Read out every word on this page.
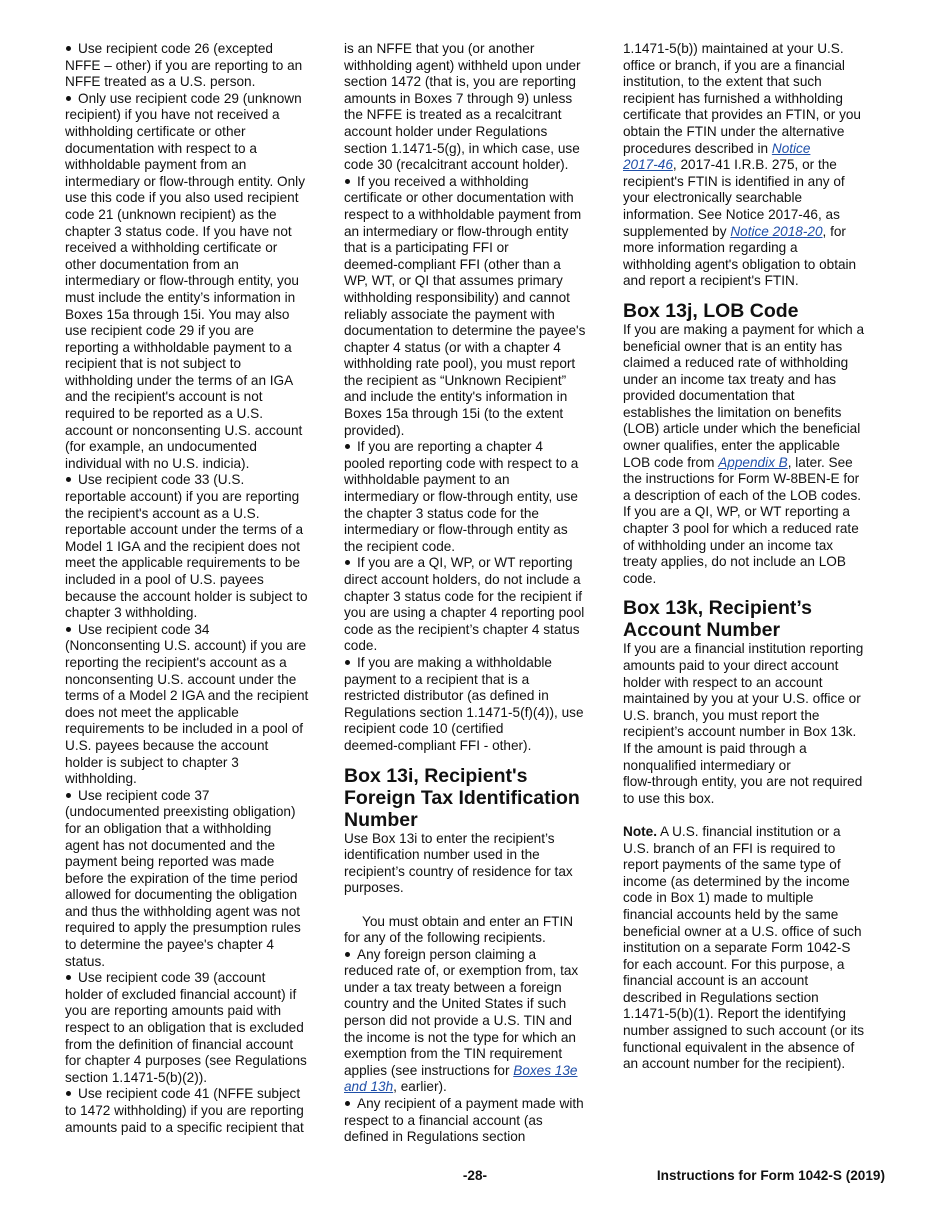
Use recipient code 26 (excepted
NFFE – other) if you are reporting to an
NFFE treated as a U.S. person.
Only use recipient code 29 (unknown
recipient) if you have not received a
withholding certificate or other
documentation with respect to a
withholdable payment from an
intermediary or flow-through entity. Only
use this code if you also used recipient
code 21 (unknown recipient) as the
chapter 3 status code. If you have not
received a withholding certificate or
other documentation from an
intermediary or flow-through entity, you
must include the entity’s information in
Boxes 15a through 15i. You may also
use recipient code 29 if you are
reporting a withholdable payment to a
recipient that is not subject to
withholding under the terms of an IGA
and the recipient's account is not
required to be reported as a U.S.
account or nonconsenting U.S. account
(for example, an undocumented
individual with no U.S. indicia).
Use recipient code 33 (U.S.
reportable account) if you are reporting
the recipient's account as a U.S.
reportable account under the terms of a
Model 1 IGA and the recipient does not
meet the applicable requirements to be
included in a pool of U.S. payees
because the account holder is subject to
chapter 3 withholding.
Use recipient code 34
(Nonconsenting U.S. account) if you are
reporting the recipient's account as a
nonconsenting U.S. account under the
terms of a Model 2 IGA and the recipient
does not meet the applicable
requirements to be included in a pool of
U.S. payees because the account
holder is subject to chapter 3
withholding.
Use recipient code 37
(undocumented preexisting obligation)
for an obligation that a withholding
agent has not documented and the
payment being reported was made
before the expiration of the time period
allowed for documenting the obligation
and thus the withholding agent was not
required to apply the presumption rules
to determine the payee's chapter 4
status.
Use recipient code 39 (account
holder of excluded financial account) if
you are reporting amounts paid with
respect to an obligation that is excluded
from the definition of financial account
for chapter 4 purposes (see Regulations
section 1.1471-5(b)(2)).
Use recipient code 41 (NFFE subject
to 1472 withholding) if you are reporting
amounts paid to a specific recipient that
is an NFFE that you (or another
withholding agent) withheld upon under
section 1472 (that is, you are reporting
amounts in Boxes 7 through 9) unless
the NFFE is treated as a recalcitrant
account holder under Regulations
section 1.1471-5(g), in which case, use
code 30 (recalcitrant account holder).
If you received a withholding
certificate or other documentation with
respect to a withholdable payment from
an intermediary or flow-through entity
that is a participating FFI or
deemed-compliant FFI (other than a
WP, WT, or QI that assumes primary
withholding responsibility) and cannot
reliably associate the payment with
documentation to determine the payee's
chapter 4 status (or with a chapter 4
withholding rate pool), you must report
the recipient as “Unknown Recipient”
and include the entity's information in
Boxes 15a through 15i (to the extent
provided).
If you are reporting a chapter 4
pooled reporting code with respect to a
withholdable payment to an
intermediary or flow-through entity, use
the chapter 3 status code for the
intermediary or flow-through entity as
the recipient code.
If you are a QI, WP, or WT reporting
direct account holders, do not include a
chapter 3 status code for the recipient if
you are using a chapter 4 reporting pool
code as the recipient’s chapter 4 status
code.
If you are making a withholdable
payment to a recipient that is a
restricted distributor (as defined in
Regulations section 1.1471-5(f)(4)), use
recipient code 10 (certified
deemed-compliant FFI - other).
Box 13i, Recipient's
Foreign Tax Identification
Number
Use Box 13i to enter the recipient’s
identification number used in the
recipient’s country of residence for tax
purposes.
You must obtain and enter an FTIN
for any of the following recipients.
Any foreign person claiming a
reduced rate of, or exemption from, tax
under a tax treaty between a foreign
country and the United States if such
person did not provide a U.S. TIN and
the income is not the type for which an
exemption from the TIN requirement
applies (see instructions for Boxes 13e
and 13h, earlier).
Any recipient of a payment made with
respect to a financial account (as
defined in Regulations section
1.1471-5(b)) maintained at your U.S.
office or branch, if you are a financial
institution, to the extent that such
recipient has furnished a withholding
certificate that provides an FTIN, or you
obtain the FTIN under the alternative
procedures described in Notice
2017-46, 2017-41 I.R.B. 275, or the
recipient's FTIN is identified in any of
your electronically searchable
information. See Notice 2017-46, as
supplemented by Notice 2018-20, for
more information regarding a
withholding agent's obligation to obtain
and report a recipient's FTIN.
Box 13j, LOB Code
If you are making a payment for which a
beneficial owner that is an entity has
claimed a reduced rate of withholding
under an income tax treaty and has
provided documentation that
establishes the limitation on benefits
(LOB) article under which the beneficial
owner qualifies, enter the applicable
LOB code from Appendix B, later. See
the instructions for Form W-8BEN-E for
a description of each of the LOB codes.
If you are a QI, WP, or WT reporting a
chapter 3 pool for which a reduced rate
of withholding under an income tax
treaty applies, do not include an LOB
code.
Box 13k, Recipient’s
Account Number
If you are a financial institution reporting
amounts paid to your direct account
holder with respect to an account
maintained by you at your U.S. office or
U.S. branch, you must report the
recipient’s account number in Box 13k.
If the amount is paid through a
nonqualified intermediary or
flow-through entity, you are not required
to use this box.
Note. A U.S. financial institution or a
U.S. branch of an FFI is required to
report payments of the same type of
income (as determined by the income
code in Box 1) made to multiple
financial accounts held by the same
beneficial owner at a U.S. office of such
institution on a separate Form 1042-S
for each account. For this purpose, a
financial account is an account
described in Regulations section
1.1471-5(b)(1). Report the identifying
number assigned to such account (or its
functional equivalent in the absence of
an account number for the recipient).
-28-	Instructions for Form 1042-S (2019)
